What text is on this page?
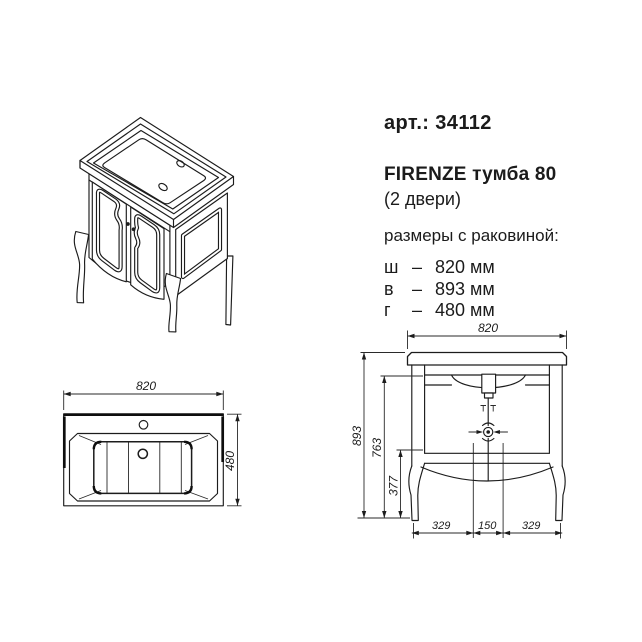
арт.: 34112

FIRENZE тумба 80

(2 двери)

размеры с раковиной:

ш – 820 мм
в	– 893 мм
г	– 480 мм
820
480
820
893
763
377
329	150 329
